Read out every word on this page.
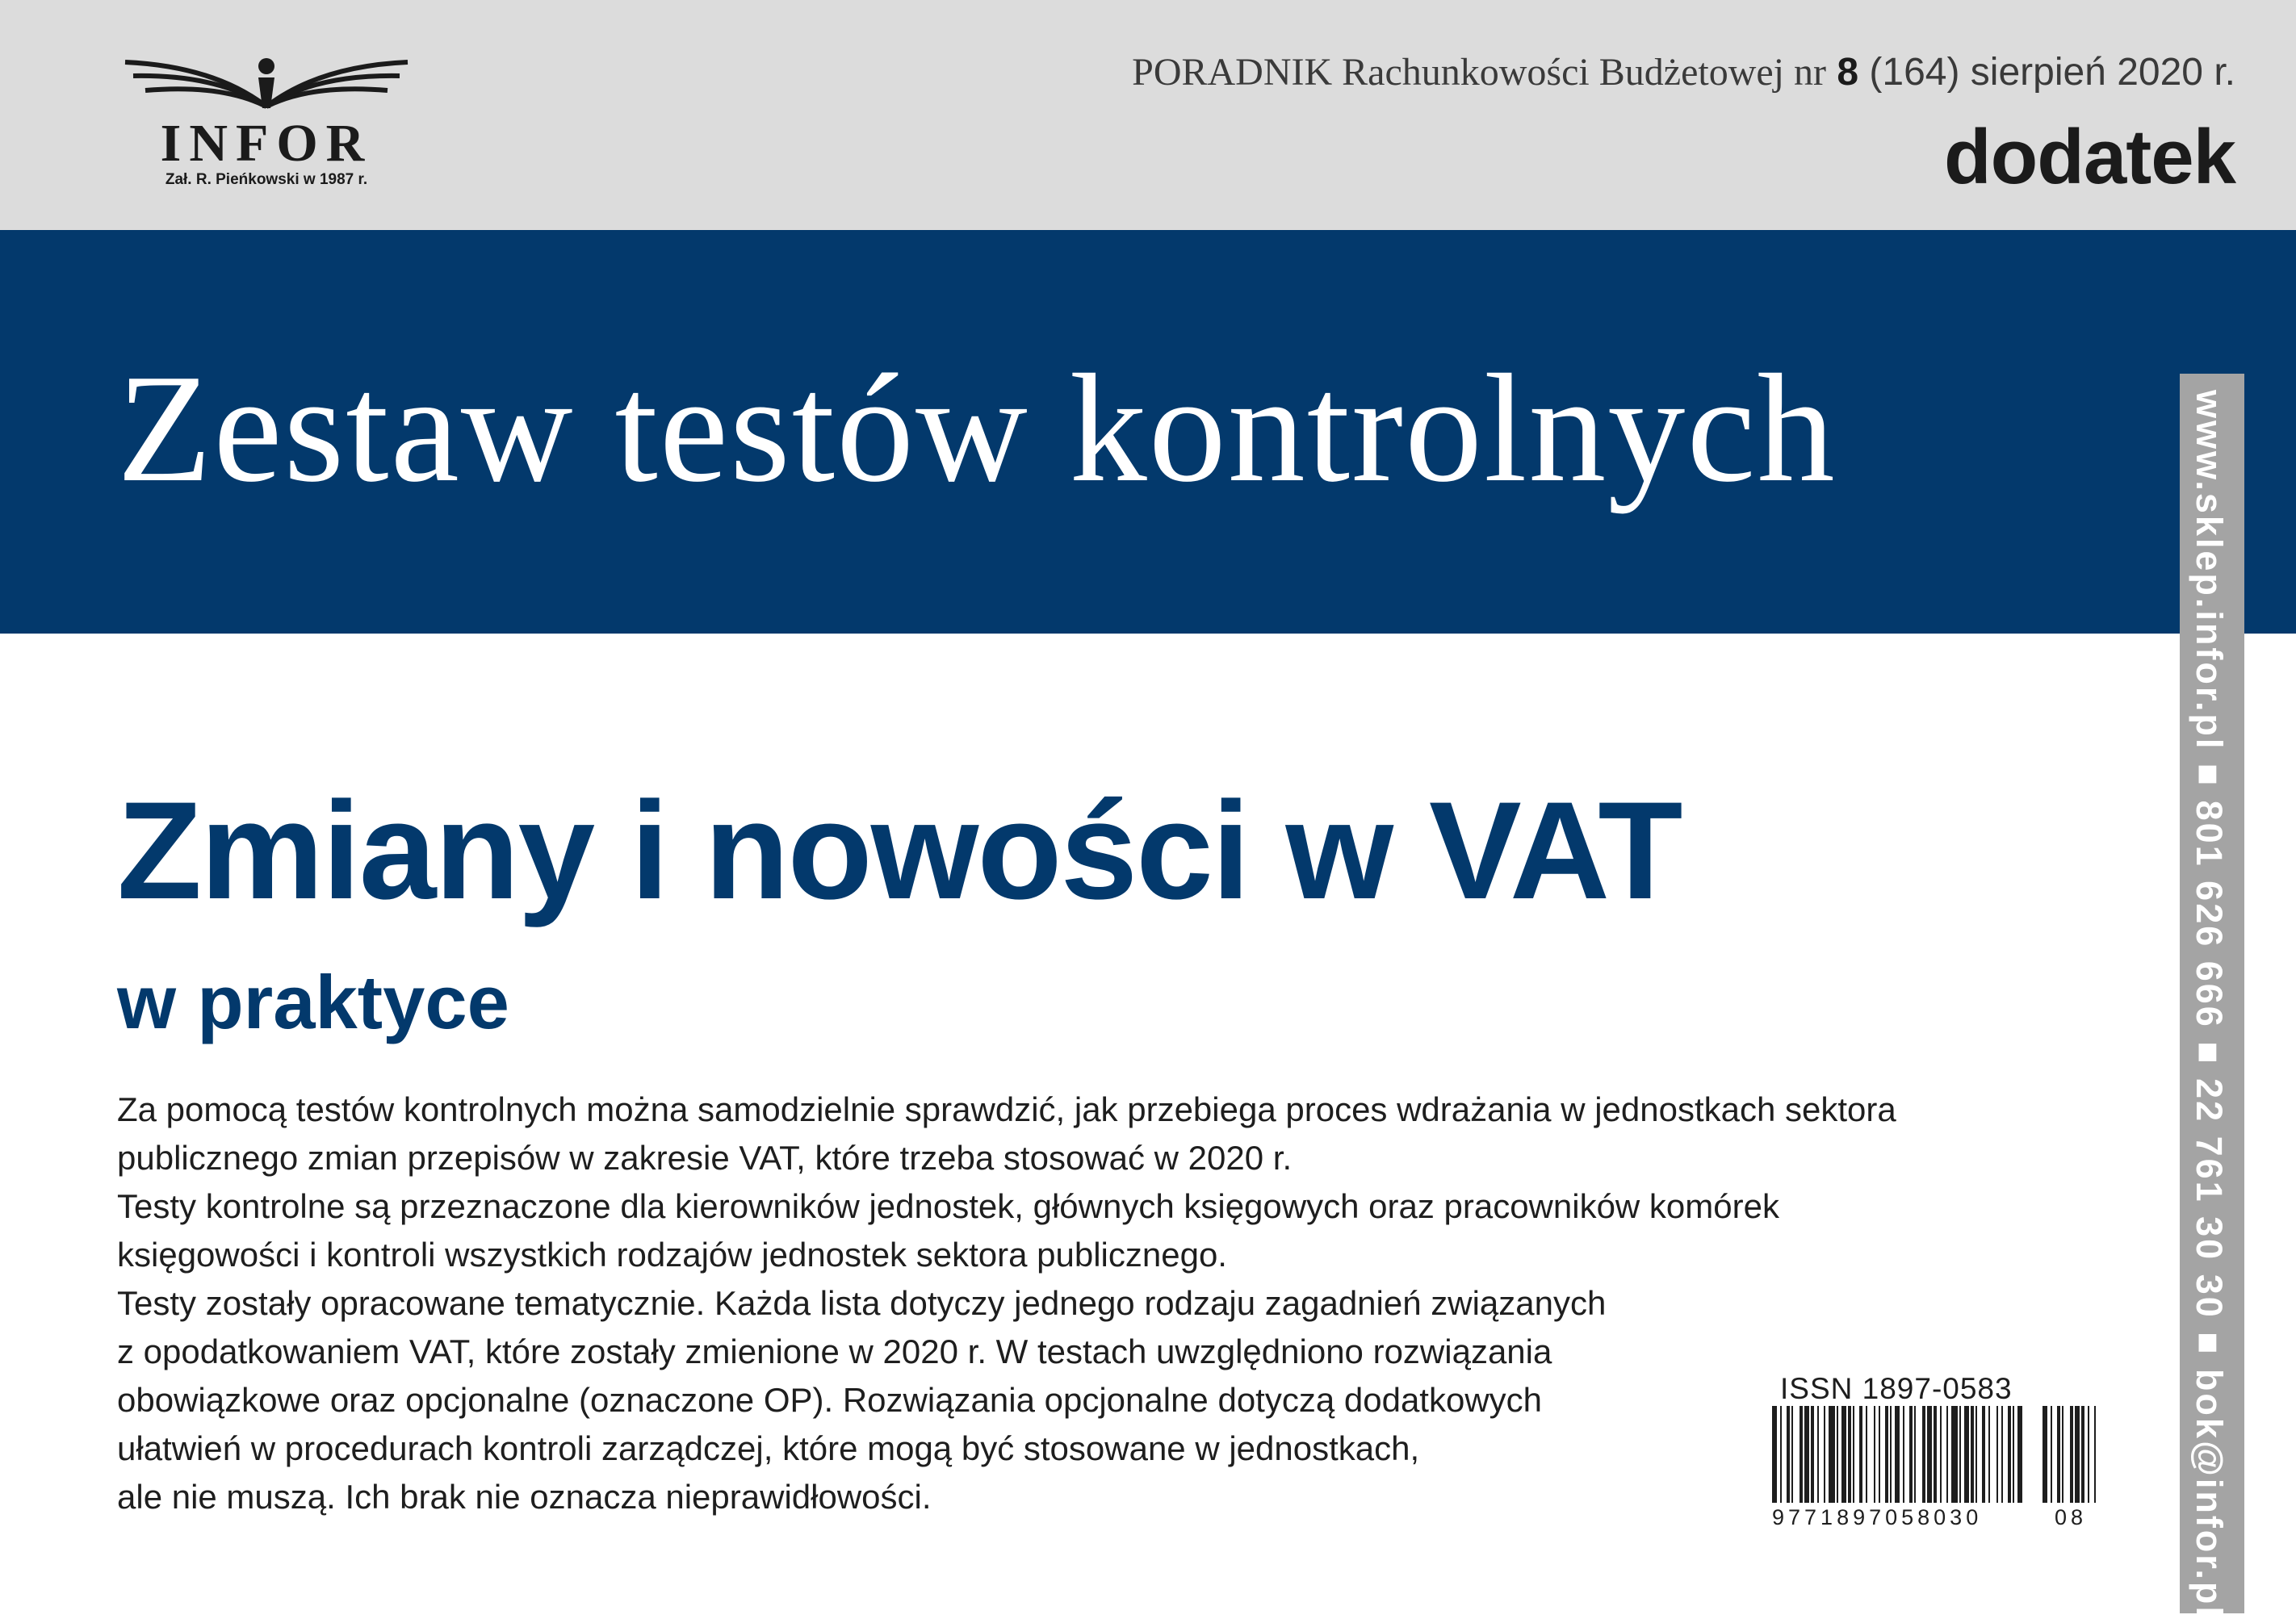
INFOR
Zał. R. Pieńkowski w 1987 r.
PORADNIK Rachunkowości Budżetowej nr 8 (164) sierpień 2020 r.
dodatek
Zestaw testów kontrolnych	www.sklep.infor.pl ■ 801 626 666 ■ 22 761 30 30 ■ bok@infor.pl
Zmiany i nowości w VAT
w praktyce
Za pomocą testów kontrolnych można samodzielnie sprawdzić, jak przebiega proces wdrażania w jednostkach sektora
publicznego zmian przepisów w zakresie VAT, które trzeba stosować w 2020 r.
Testy kontrolne są przeznaczone dla kierowników jednostek, głównych księgowych oraz pracowników komórek
księgowości i kontroli wszystkich rodzajów jednostek sektora publicznego.
Testy zostały opracowane tematycznie. Każda lista dotyczy jednego rodzaju zagadnień związanych
z opodatkowaniem VAT, które zostały zmienione w 2020 r. W testach uwzględniono rozwiązania
obowiązkowe oraz opcjonalne (oznaczone OP). Rozwiązania opcjonalne dotyczą dodatkowych
ułatwień w procedurach kontroli zarządczej, które mogą być stosowane w jednostkach,
ale nie muszą. Ich brak nie oznacza nieprawidłowości.
ISSN 1897-0583
9771897058030	08
